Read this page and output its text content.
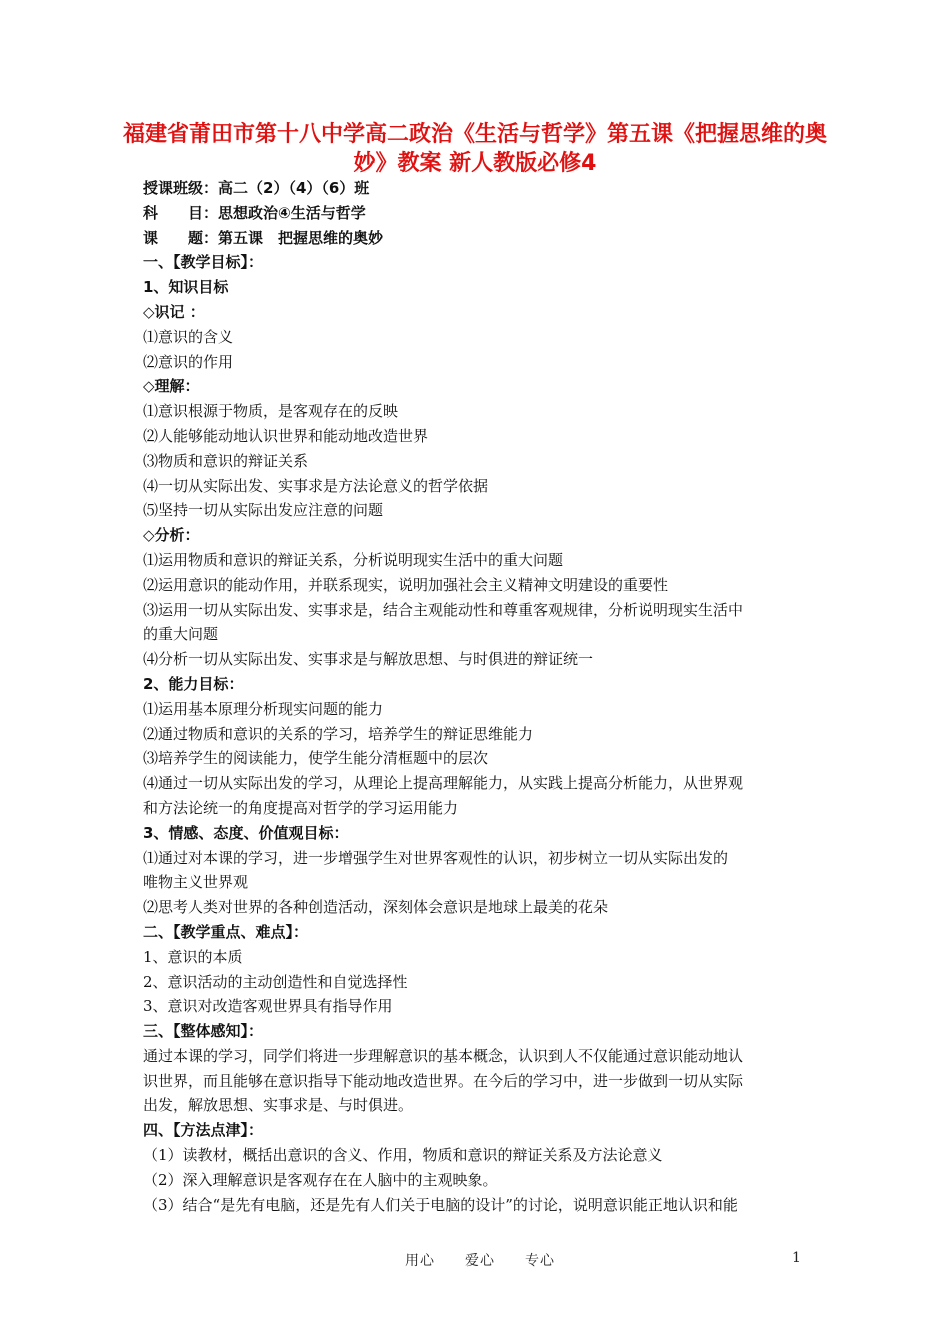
福建省莆田市第十八中学高二政治《生活与哲学》第五课《把握思维的奥妙》教案 新人教版必修4
授课班级：高二（2）（4）（6）班
科　　目：思想政治④生活与哲学
课　　题：第五课　把握思维的奥妙
一、【教学目标】：
1、知识目标
◇识记 ：
⑴意识的含义
⑵意识的作用
◇理解：
⑴意识根源于物质，是客观存在的反映
⑵人能够能动地认识世界和能动地改造世界
⑶物质和意识的辩证关系
⑷一切从实际出发、实事求是方法论意义的哲学依据
⑸坚持一切从实际出发应注意的问题
◇分析：
⑴运用物质和意识的辩证关系，分析说明现实生活中的重大问题
⑵运用意识的能动作用，并联系现实，说明加强社会主义精神文明建设的重要性
⑶运用一切从实际出发、实事求是，结合主观能动性和尊重客观规律，分析说明现实生活中
的重大问题
⑷分析一切从实际出发、实事求是与解放思想、与时俱进的辩证统一
2、能力目标：
⑴运用基本原理分析现实问题的能力
⑵通过物质和意识的关系的学习，培养学生的辩证思维能力
⑶培养学生的阅读能力，使学生能分清框题中的层次
⑷通过一切从实际出发的学习，从理论上提高理解能力，从实践上提高分析能力，从世界观
和方法论统一的角度提高对哲学的学习运用能力
3、情感、态度、价值观目标：
⑴通过对本课的学习，进一步增强学生对世界客观性的认识，初步树立一切从实际出发的
唯物主义世界观
⑵思考人类对世界的各种创造活动，深刻体会意识是地球上最美的花朵
二、【教学重点、难点】：
1、意识的本质
2、意识活动的主动创造性和自觉选择性
3、意识对改造客观世界具有指导作用
三、【整体感知】：
通过本课的学习，同学们将进一步理解意识的基本概念，认识到人不仅能通过意识能动地认
识世界，而且能够在意识指导下能动地改造世界。在今后的学习中，进一步做到一切从实际
出发，解放思想、实事求是、与时俱进。
四、【方法点津】：
（1）读教材，概括出意识的含义、作用，物质和意识的辩证关系及方法论意义
（2）深入理解意识是客观存在在人脑中的主观映象。
（3）结合“是先有电脑，还是先有人们关于电脑的设计”的讨论，说明意识能正地认识和能
用心　　爱心　　专心	1
